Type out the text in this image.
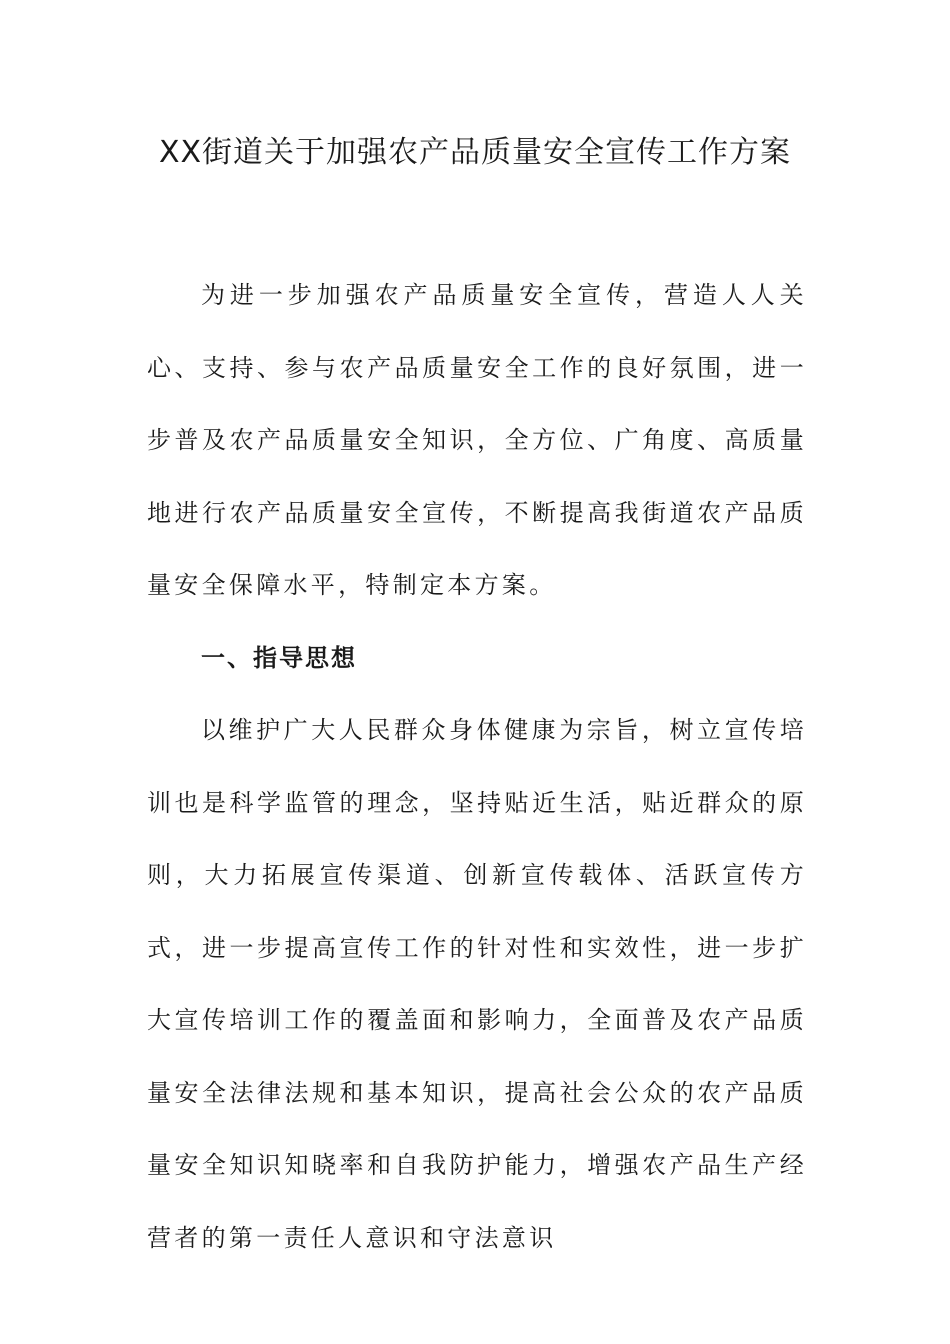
XX街道关于加强农产品质量安全宣传工作方案

为进一步加强农产品质量安全宣传，营造人人关心、支持、参与农产品质量安全工作的良好氛围，进一步普及农产品质量安全知识，全方位、广角度、高质量地进行农产品质量安全宣传，不断提高我街道农产品质量安全保障水平，特制定本方案。

一、指导思想

以维护广大人民群众身体健康为宗旨，树立宣传培训也是科学监管的理念，坚持贴近生活，贴近群众的原则，大力拓展宣传渠道、创新宣传载体、活跃宣传方式，进一步提高宣传工作的针对性和实效性，进一步扩大宣传培训工作的覆盖面和影响力，全面普及农产品质量安全法律法规和基本知识，提高社会公众的农产品质量安全知识知晓率和自我防护能力，增强农产品生产经营者的第一责任人意识和守法意识
